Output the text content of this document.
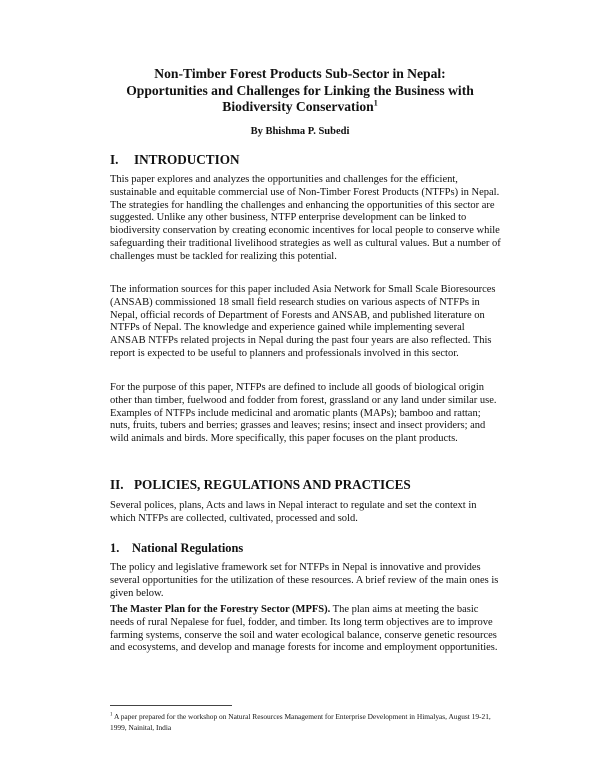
Non-Timber Forest Products Sub-Sector in Nepal:
Opportunities and Challenges for Linking the Business with
Biodiversity Conservation$^1$
By Bhishma P. Subedi
I. INTRODUCTION

This paper explores and analyzes the opportunities and challenges for the efficient, sustainable and equitable commercial use of Non-Timber Forest Products (NTFPs) in Nepal. The strategies for handling the challenges and enhancing the opportunities of this sector are suggested. Unlike any other business, NTFP enterprise development can be linked to biodiversity conservation by creating economic incentives for local people to conserve while safeguarding their traditional livelihood strategies as well as cultural values. But a number of challenges must be tackled for realizing this potential.

The information sources for this paper included Asia Network for Small Scale Bioresources (ANSAB) commissioned 18 small field research studies on various aspects of NTFPs in Nepal, official records of Department of Forests and ANSAB, and published literature on NTFPs of Nepal. The knowledge and experience gained while implementing several ANSAB NTFPs related projects in Nepal during the past four years are also reflected. This report is expected to be useful to planners and professionals involved in this sector.

For the purpose of this paper, NTFPs are defined to include all goods of biological origin other than timber, fuelwood and fodder from forest, grassland or any land under similar use. Examples of NTFPs include medicinal and aromatic plants (MAPs); bamboo and rattan; nuts, fruits, tubers and berries; grasses and leaves; resins; insect and insect providers; and wild animals and birds. More specifically, this paper focuses on the plant products.

II. POLICIES, REGULATIONS AND PRACTICES

Several polices, plans, Acts and laws in Nepal interact to regulate and set the context in which NTFPs are collected, cultivated, processed and sold.

1. National Regulations

The policy and legislative framework set for NTFPs in Nepal is innovative and provides several opportunities for the utilization of these resources. A brief review of the main ones is given below.

The Master Plan for the Forestry Sector (MPFS). The plan aims at meeting the basic needs of rural Nepalese for fuel, fodder, and timber. Its long term objectives are to improve farming systems, conserve the soil and water ecological balance, conserve genetic resources and ecosystems, and develop and manage forests for income and employment opportunities.

$^1$ A paper prepared for the workshop on Natural Resources Management for Enterprise Development in Himalyas, August 19-21, 1999, Nainital, India
